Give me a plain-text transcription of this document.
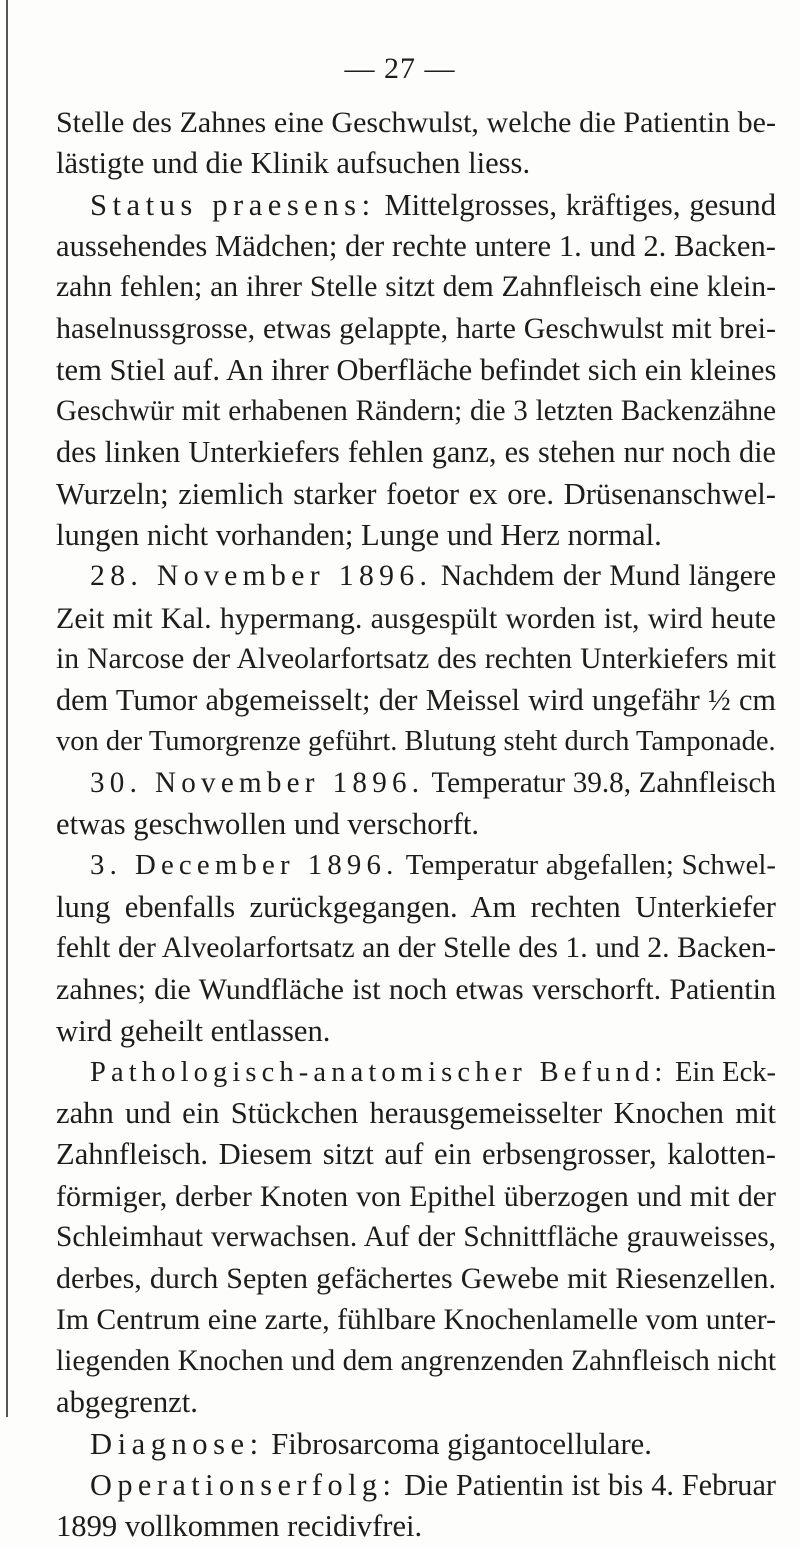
— 27 —
Stelle des Zahnes eine Geschwulst, welche die Patientin be-
lästigte und die Klinik aufsuchen liess.
Status praesens: Mittelgrosses, kräftiges, gesund
aussehendes Mädchen; der rechte untere 1. und 2. Backen-
zahn fehlen; an ihrer Stelle sitzt dem Zahnfleisch eine klein-
haselnussgrosse, etwas gelappte, harte Geschwulst mit brei-
tem Stiel auf. An ihrer Oberfläche befindet sich ein kleines
Geschwür mit erhabenen Rändern; die 3 letzten Backenzähne
des linken Unterkiefers fehlen ganz, es stehen nur noch die
Wurzeln; ziemlich starker foetor ex ore. Drüsenanschwel-
lungen nicht vorhanden; Lunge und Herz normal.
28. November 1896. Nachdem der Mund längere
Zeit mit Kal. hypermang. ausgespült worden ist, wird heute
in Narcose der Alveolarfortsatz des rechten Unterkiefers mit
dem Tumor abgemeisselt; der Meissel wird ungefähr ½ cm
von der Tumorgrenze geführt. Blutung steht durch Tamponade.
30. November 1896. Temperatur 39.8, Zahnfleisch
etwas geschwollen und verschorft.
3. December 1896. Temperatur abgefallen; Schwel-
lung ebenfalls zurückgegangen. Am rechten Unterkiefer
fehlt der Alveolarfortsatz an der Stelle des 1. und 2. Backen-
zahnes; die Wundfläche ist noch etwas verschorft. Patientin
wird geheilt entlassen.
Pathologisch-anatomischer Befund: Ein Eck-
zahn und ein Stückchen herausgemeisselter Knochen mit
Zahnfleisch. Diesem sitzt auf ein erbsengrosser, kalotten-
förmiger, derber Knoten von Epithel überzogen und mit der
Schleimhaut verwachsen. Auf der Schnittfläche grauweisses,
derbes, durch Septen gefächertes Gewebe mit Riesenzellen.
Im Centrum eine zarte, fühlbare Knochenlamelle vom unter-
liegenden Knochen und dem angrenzenden Zahnfleisch nicht
abgegrenzt.
Diagnose: Fibrosarcoma gigantocellulare.
Operationserfolg: Die Patientin ist bis 4. Februar
1899 vollkommen recidivfrei.
